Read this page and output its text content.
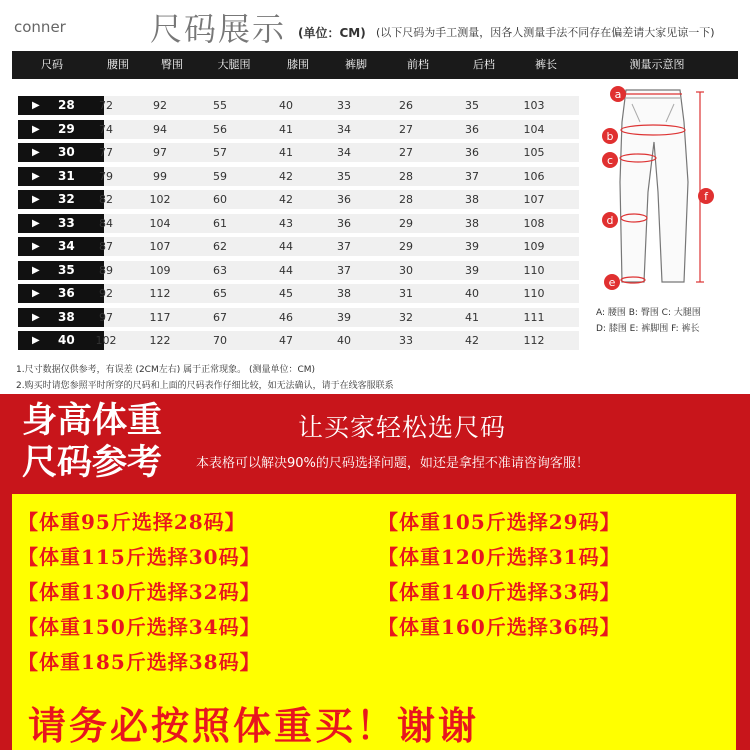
conner	尺码展示 (单位：CM) (以下尺码为手工测量，因各人测量手法不同存在偏差请大家见谅一下)
尺码	腰围	臀围	大腿围	膝围	裤脚	前档	后档	裤长	测量示意图
▶ 28	72	92	55	40	33	26	35	103
▶ 29	74	94	56	41	34	27	36	104
▶ 30	77	97	57	41	34	27	36	105
▶ 31	79	99	59	42	35	28	37	106
▶ 32	82	102	60	42	36	28	38	107
▶ 33	84	104	61	43	36	29	38	108
▶ 34	87	107	62	44	37	29	39	109
▶ 35	89	109	63	44	37	30	39	110
▶ 36	92	112	65	45	38	31	40	110
▶ 38	97	117	67	46	39	32	41	111
▶ 40	102	122	70	47	40	33	42	112
a
b
c
d
e
f
A: 腰围 B: 臀围 C: 大腿围
D: 膝围 E: 裤脚围 F: 裤长
1.尺寸数据仅供参考，有误差 (2CM左右) 属于正常现象。 (测量单位：CM)
2.购买时请您参照平时所穿的尺码和上面的尺码表作仔细比较，如无法确认，请于在线客服联系
身高体重
尺码参考
让买家轻松选尺码
本表格可以解决90%的尺码选择问题，如还是拿捏不准请咨询客服！
【体重95斤选择28码】	【体重105斤选择29码】
【体重115斤选择30码】	【体重120斤选择31码】
【体重130斤选择32码】	【体重140斤选择33码】
【体重150斤选择34码】	【体重160斤选择36码】
【体重185斤选择38码】
请务必按照体重买！谢谢
